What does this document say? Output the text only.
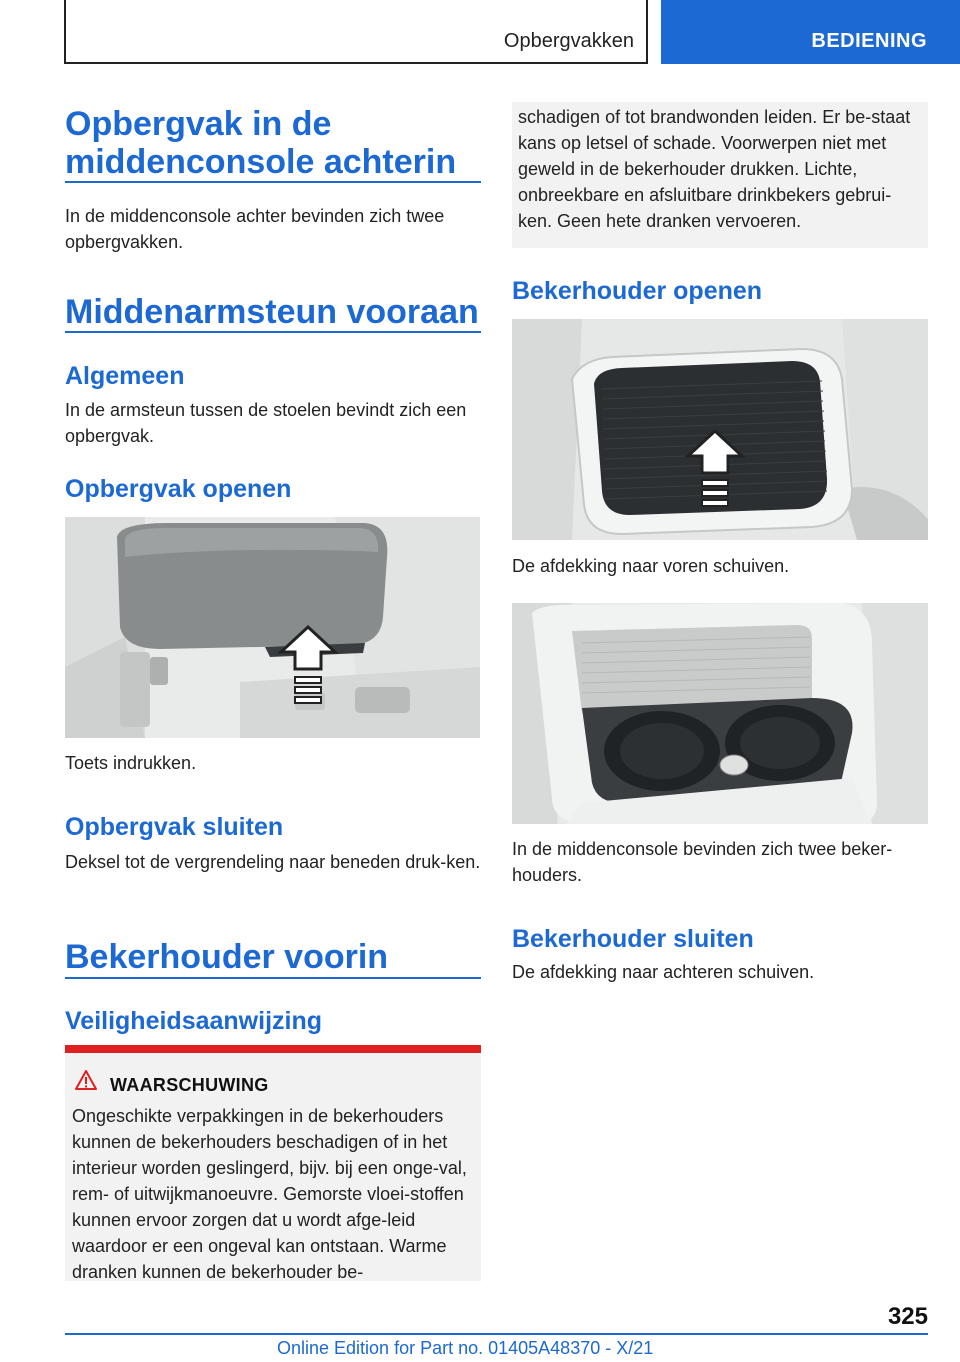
Opbergvakken	BEDIENING
Opbergvak in de
middenconsole achterin

In de middenconsole achter bevinden zich twee opbergvakken.

Middenarmsteun vooraan
Algemeen

In de armsteun tussen de stoelen bevindt zich een opbergvak.

Opbergvak openen

Toets indrukken.

Opbergvak sluiten

Deksel tot de vergrendeling naar beneden druk-ken.

Bekerhouder voorin
Veiligheidsaanwijzing
WAARSCHUWING

Ongeschikte verpakkingen in de bekerhouders kunnen de bekerhouders beschadigen of in het interieur worden geslingerd, bijv. bij een onge-val, rem- of uitwijkmanoeuvre. Gemorste vloei-stoffen kunnen ervoor zorgen dat u wordt afge-leid waardoor er een ongeval kan ontstaan. Warme dranken kunnen de bekerhouder be-

schadigen of tot brandwonden leiden. Er be-staat kans op letsel of schade. Voorwerpen niet met geweld in de bekerhouder drukken. Lichte, onbreekbare en afsluitbare drinkbekers gebrui-ken. Geen hete dranken vervoeren.

Bekerhouder openen

De afdekking naar voren schuiven.

In de middenconsole bevinden zich twee beker-houders.

Bekerhouder sluiten

De afdekking naar achteren schuiven.

325
Online Edition for Part no. 01405A48370 - X/21
